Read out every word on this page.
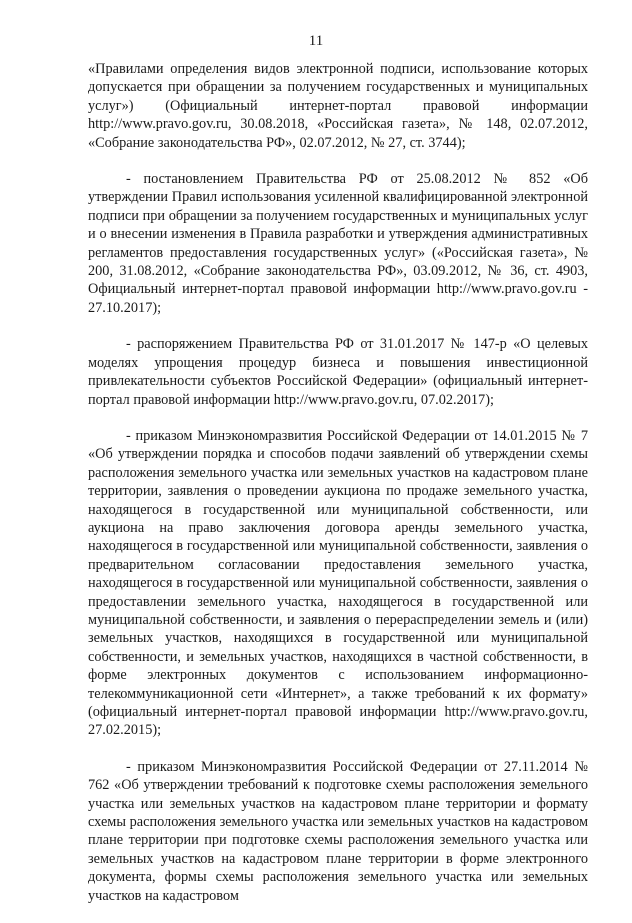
11

«Правилами определения видов электронной подписи, использование которых допускается при обращении за получением государственных и муниципальных услуг») (Официальный интернет-портал правовой информации http://www.pravo.gov.ru, 30.08.2018, «Российская газета», № 148, 02.07.2012, «Собрание законодательства РФ», 02.07.2012, № 27, ст. 3744);

- постановлением Правительства РФ от 25.08.2012 № 852 «Об утверждении Правил использования усиленной квалифицированной электронной подписи при обращении за получением государственных и муниципальных услуг и о внесении изменения в Правила разработки и утверждения административных регламентов предоставления государственных услуг» («Российская газета», № 200, 31.08.2012, «Собрание законодательства РФ», 03.09.2012, № 36, ст. 4903, Официальный интернет-портал правовой информации http://www.pravo.gov.ru - 27.10.2017);

- распоряжением Правительства РФ от 31.01.2017 № 147-р «О целевых моделях упрощения процедур бизнеса и повышения инвестиционной привлекательности субъектов Российской Федерации» (официальный интернет-портал правовой информации http://www.pravo.gov.ru, 07.02.2017);

- приказом Минэкономразвития Российской Федерации от 14.01.2015 № 7 «Об утверждении порядка и способов подачи заявлений об утверждении схемы расположения земельного участка или земельных участков на кадастровом плане территории, заявления о проведении аукциона по продаже земельного участка, находящегося в государственной или муниципальной собственности, или аукциона на право заключения договора аренды земельного участка, находящегося в государственной или муниципальной собственности, заявления о предварительном согласовании предоставления земельного участка, находящегося в государственной или муниципальной собственности, заявления о предоставлении земельного участка, находящегося в государственной или муниципальной собственности, и заявления о перераспределении земель и (или) земельных участков, находящихся в государственной или муниципальной собственности, и земельных участков, находящихся в частной собственности, в форме электронных документов с использованием информационно-телекоммуникационной сети «Интернет», а также требований к их формату» (официальный интернет-портал правовой информации http://www.pravo.gov.ru, 27.02.2015);

- приказом Минэкономразвития Российской Федерации от 27.11.2014 № 762 «Об утверждении требований к подготовке схемы расположения земельного участка или земельных участков на кадастровом плане территории и формату схемы расположения земельного участка или земельных участков на кадастровом плане территории при подготовке схемы расположения земельного участка или земельных участков на кадастровом плане территории в форме электронного документа, формы схемы расположения земельного участка или земельных участков на кадастровом
